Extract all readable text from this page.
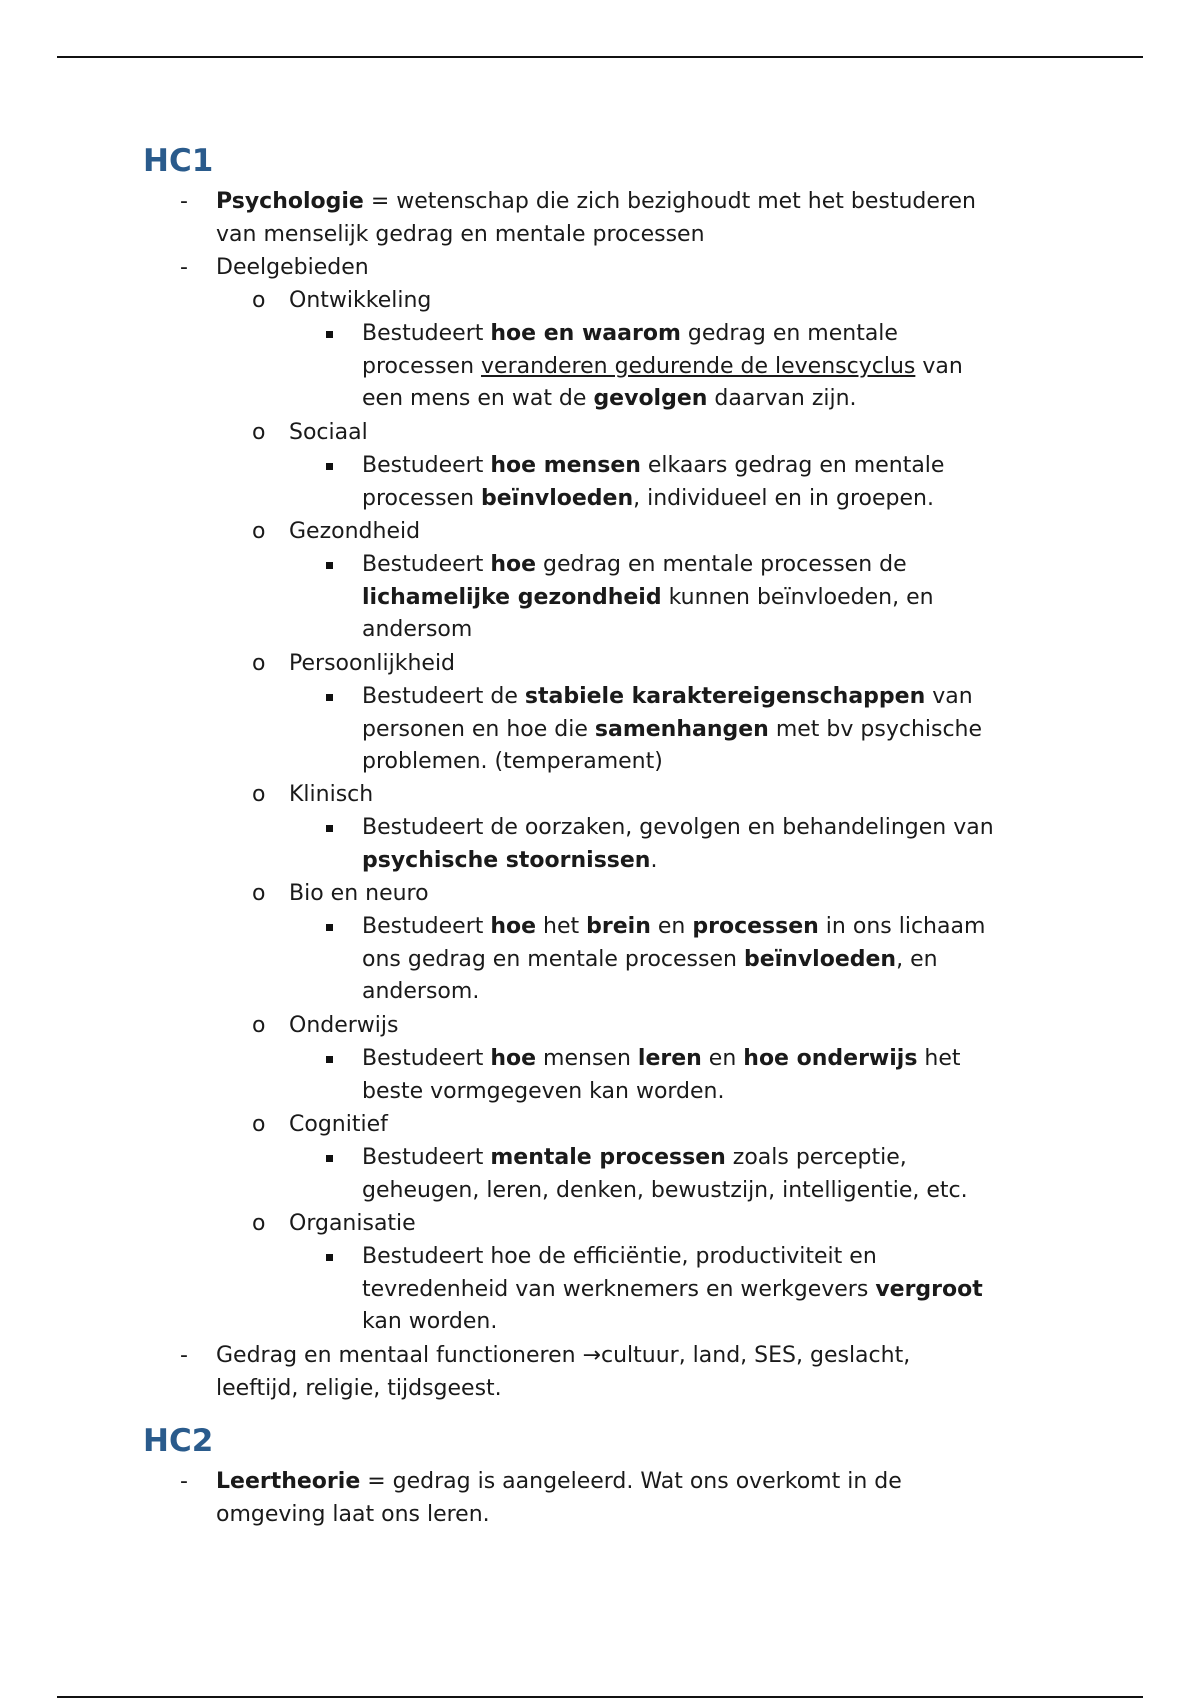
HC1
- Psychologie = wetenschap die zich bezighoudt met het bestuderen
van menselijk gedrag en mentale processen
- Deelgebieden
o Ontwikkeling
Bestudeert hoe en waarom gedrag en mentale
processen veranderen gedurende de levenscyclus van
een mens en wat de gevolgen daarvan zijn.
o Sociaal
Bestudeert hoe mensen elkaars gedrag en mentale
processen beïnvloeden, individueel en in groepen.
o Gezondheid
Bestudeert hoe gedrag en mentale processen de
lichamelijke gezondheid kunnen beïnvloeden, en
andersom
o Persoonlijkheid
Bestudeert de stabiele karaktereigenschappen van
personen en hoe die samenhangen met bv psychische
problemen. (temperament)
o Klinisch
Bestudeert de oorzaken, gevolgen en behandelingen van
psychische stoornissen.
o Bio en neuro
Bestudeert hoe het brein en processen in ons lichaam
ons gedrag en mentale processen beïnvloeden, en
andersom.
o Onderwijs
Bestudeert hoe mensen leren en hoe onderwijs het
beste vormgegeven kan worden.
o Cognitief
Bestudeert mentale processen zoals perceptie,
geheugen, leren, denken, bewustzijn, intelligentie, etc.
o Organisatie
Bestudeert hoe de efficiëntie, productiviteit en
tevredenheid van werknemers en werkgevers vergroot
kan worden.
- Gedrag en mentaal functioneren →cultuur, land, SES, geslacht,
leeftijd, religie, tijdsgeest.
HC2
- Leertheorie = gedrag is aangeleerd. Wat ons overkomt in de
omgeving laat ons leren.
